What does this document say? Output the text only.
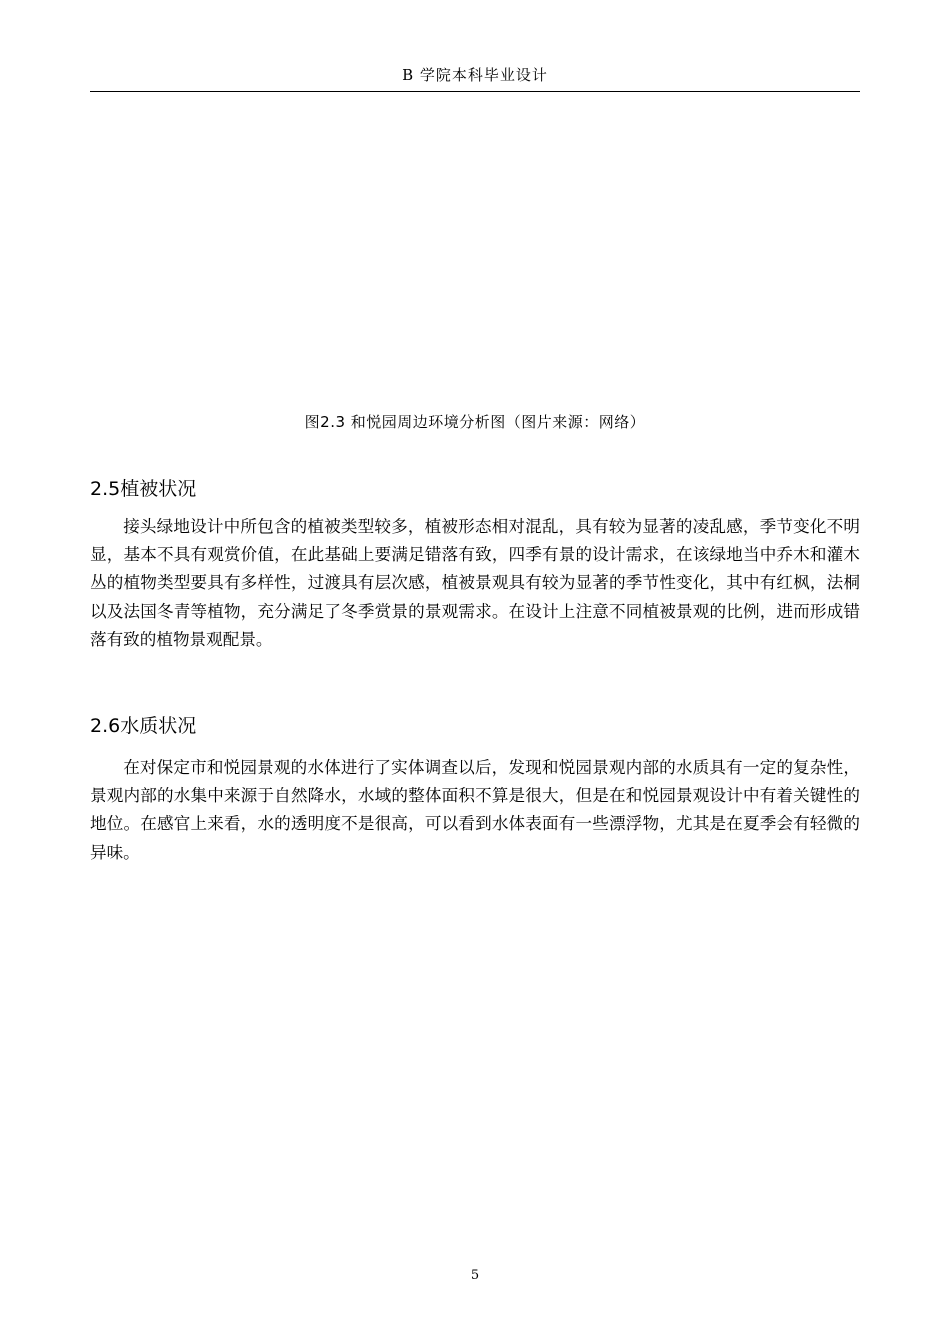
B 学院本科毕业设计
图2.3 和悦园周边环境分析图（图片来源：网络）
2.5植被状况

接头绿地设计中所包含的植被类型较多，植被形态相对混乱，具有较为显著的凌乱感，季节变化不明显，基本不具有观赏价值，在此基础上要满足错落有致，四季有景的设计需求，在该绿地当中乔木和灌木丛的植物类型要具有多样性，过渡具有层次感，植被景观具有较为显著的季节性变化，其中有红枫，法桐以及法国冬青等植物，充分满足了冬季赏景的景观需求。在设计上注意不同植被景观的比例，进而形成错落有致的植物景观配景。

2.6水质状况

在对保定市和悦园景观的水体进行了实体调查以后，发现和悦园景观内部的水质具有一定的复杂性，景观内部的水集中来源于自然降水，水域的整体面积不算是很大，但是在和悦园景观设计中有着关键性的地位。在感官上来看，水的透明度不是很高，可以看到水体表面有一些漂浮物，尤其是在夏季会有轻微的异味。

5
